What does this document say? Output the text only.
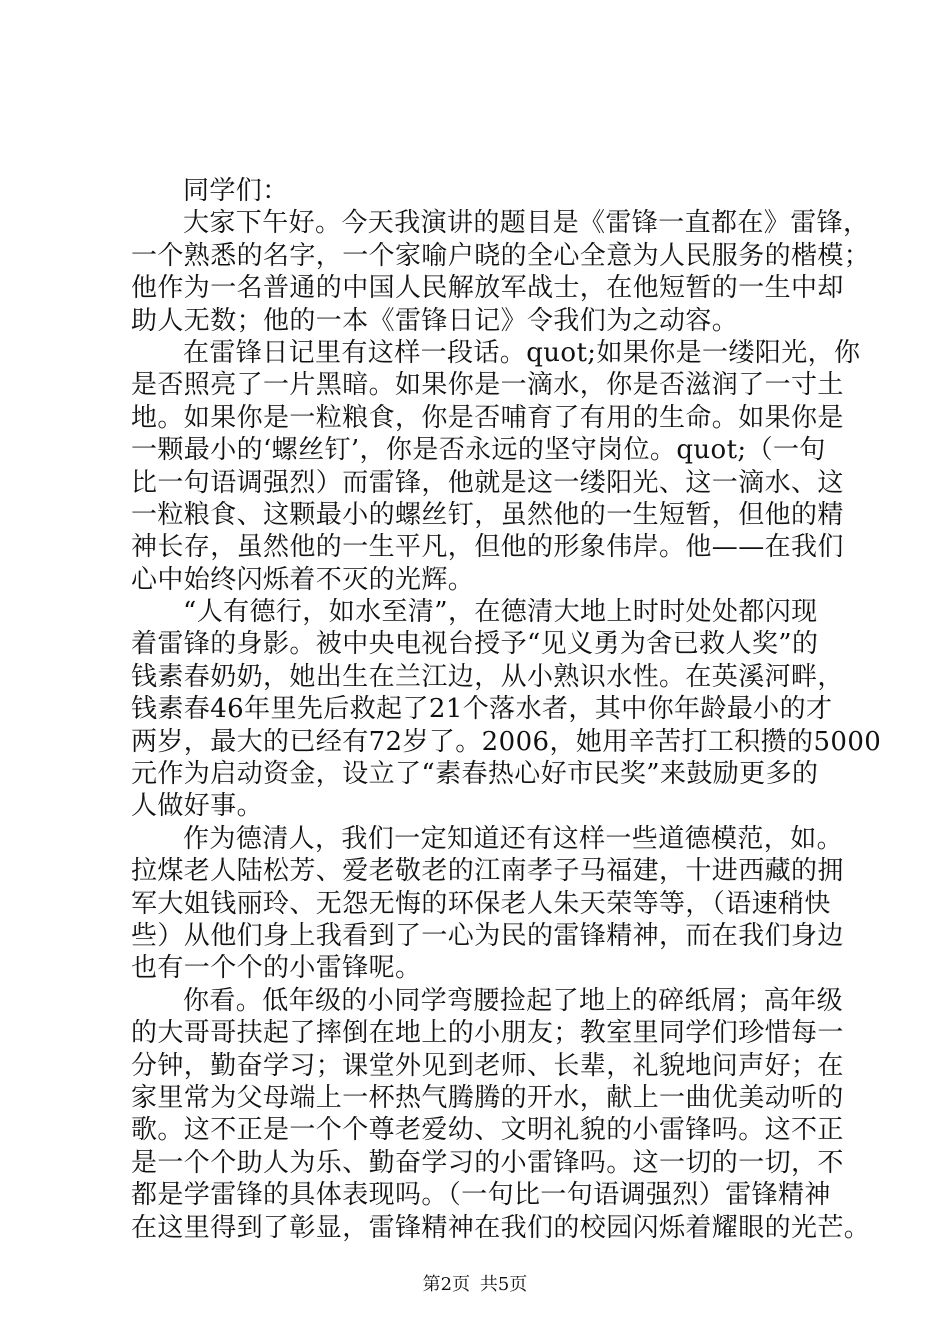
同学们：
大家下午好。今天我演讲的题目是《雷锋一直都在》雷锋，
一个熟悉的名字，一个家喻户晓的全心全意为人民服务的楷模；
他作为一名普通的中国人民解放军战士，在他短暂的一生中却
助人无数；他的一本《雷锋日记》令我们为之动容。
在雷锋日记里有这样一段话。quot;如果你是一缕阳光，你
是否照亮了一片黑暗。如果你是一滴水，你是否滋润了一寸土
地。如果你是一粒粮食，你是否哺育了有用的生命。如果你是
一颗最小的‘螺丝钉’，你是否永远的坚守岗位。quot;（一句
比一句语调强烈）而雷锋，他就是这一缕阳光、这一滴水、这
一粒粮食、这颗最小的螺丝钉，虽然他的一生短暂，但他的精
神长存，虽然他的一生平凡，但他的形象伟岸。他——在我们
心中始终闪烁着不灭的光辉。
“人有德行，如水至清”，在德清大地上时时处处都闪现
着雷锋的身影。被中央电视台授予“见义勇为舍已救人奖”的
钱素春奶奶，她出生在兰江边，从小熟识水性。在英溪河畔，
钱素春46年里先后救起了21个落水者，其中你年龄最小的才
两岁，最大的已经有72岁了。2006，她用辛苦打工积攒的5000
元作为启动资金，设立了“素春热心好市民奖”来鼓励更多的
人做好事。
作为德清人，我们一定知道还有这样一些道德模范，如。
拉煤老人陆松芳、爱老敬老的江南孝子马福建，十进西藏的拥
军大姐钱丽玲、无怨无悔的环保老人朱天荣等等，（语速稍快
些）从他们身上我看到了一心为民的雷锋精神，而在我们身边
也有一个个的小雷锋呢。
你看。低年级的小同学弯腰捡起了地上的碎纸屑；高年级
的大哥哥扶起了摔倒在地上的小朋友；教室里同学们珍惜每一
分钟，勤奋学习；课堂外见到老师、长辈，礼貌地问声好；在
家里常为父母端上一杯热气腾腾的开水，献上一曲优美动听的
歌。这不正是一个个尊老爱幼、文明礼貌的小雷锋吗。这不正
是一个个助人为乐、勤奋学习的小雷锋吗。这一切的一切，不
都是学雷锋的具体表现吗。（一句比一句语调强烈）雷锋精神
在这里得到了彰显，雷锋精神在我们的校园闪烁着耀眼的光芒。
第2页 共5页
